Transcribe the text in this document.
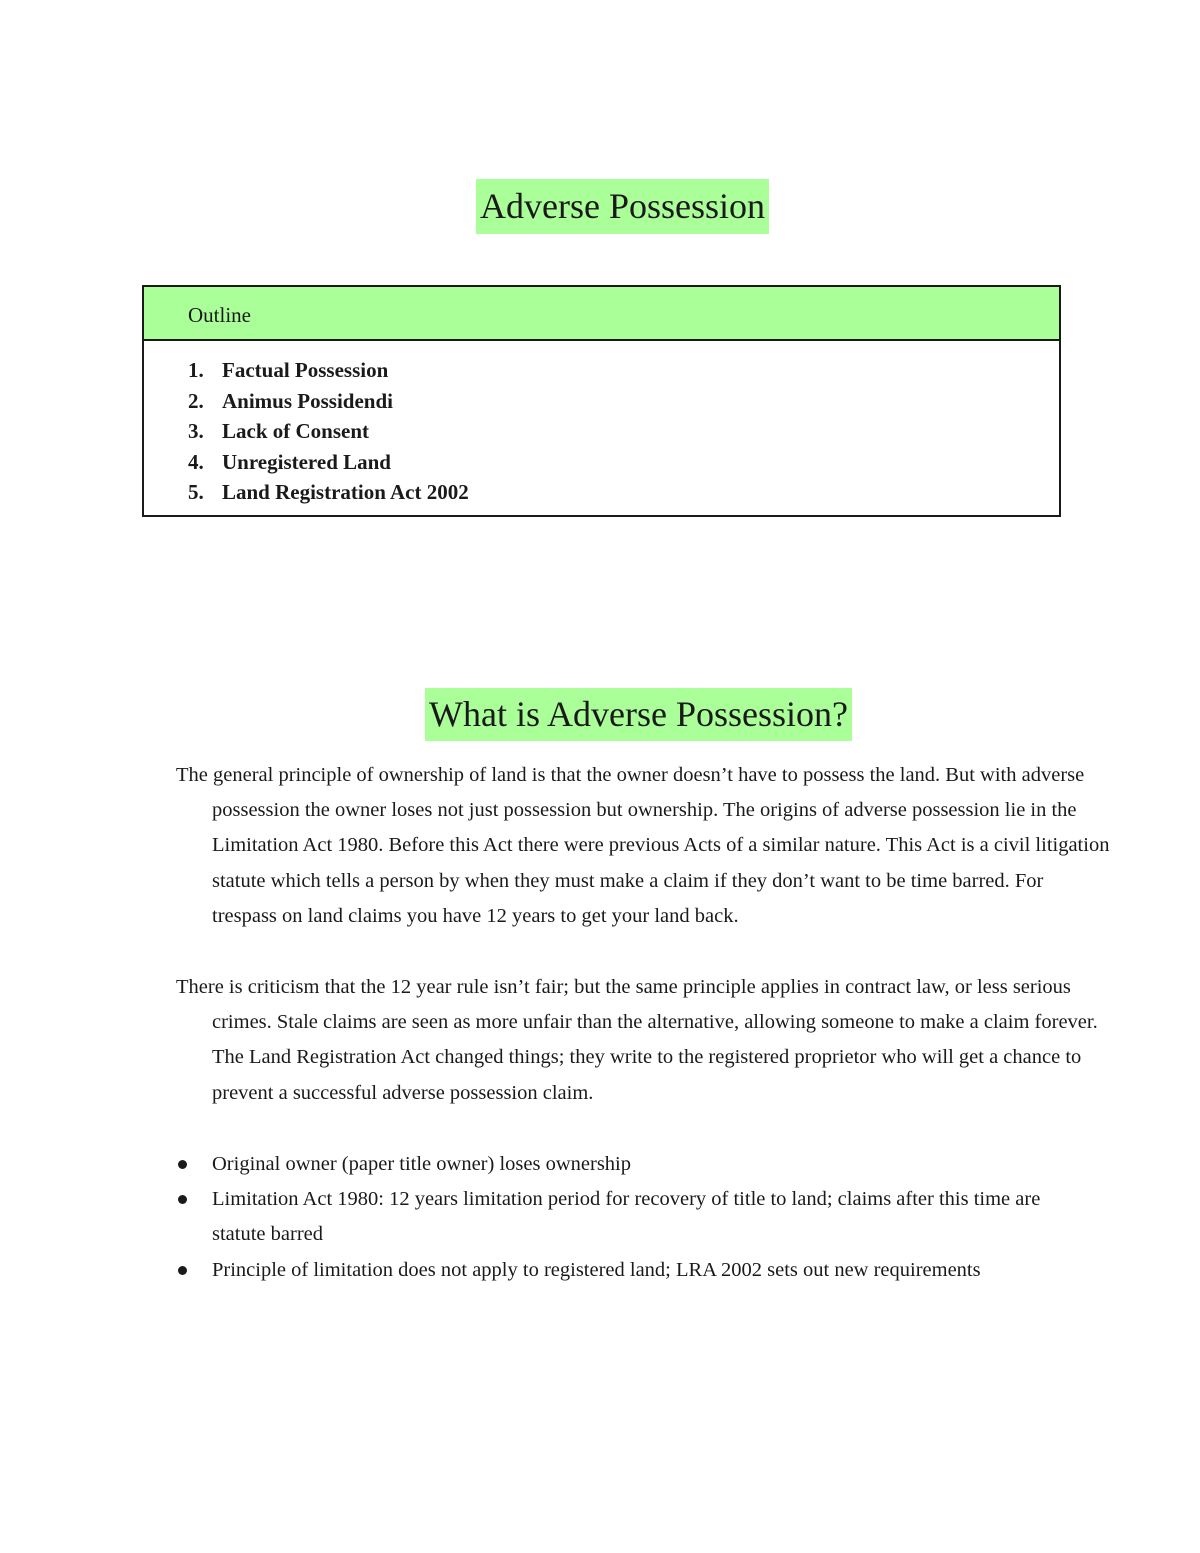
Adverse Possession
Outline
1. Factual Possession
2. Animus Possidendi
3. Lack of Consent
4. Unregistered Land
5. Land Registration Act 2002
What is Adverse Possession?

The general principle of ownership of land is that the owner doesn’t have to possess the land. But with adverse possession the owner loses not just possession but ownership. The origins of adverse possession lie in the Limitation Act 1980. Before this Act there were previous Acts of a similar nature. This Act is a civil litigation statute which tells a person by when they must make a claim if they don’t want to be time barred. For trespass on land claims you have 12 years to get your land back.

There is criticism that the 12 year rule isn’t fair; but the same principle applies in contract law, or less serious crimes. Stale claims are seen as more unfair than the alternative, allowing someone to make a claim forever. The Land Registration Act changed things; they write to the registered proprietor who will get a chance to prevent a successful adverse possession claim.

Original owner (paper title owner) loses ownership
Limitation Act 1980: 12 years limitation period for recovery of title to land; claims after this time are statute barred
Principle of limitation does not apply to registered land; LRA 2002 sets out new requirements
